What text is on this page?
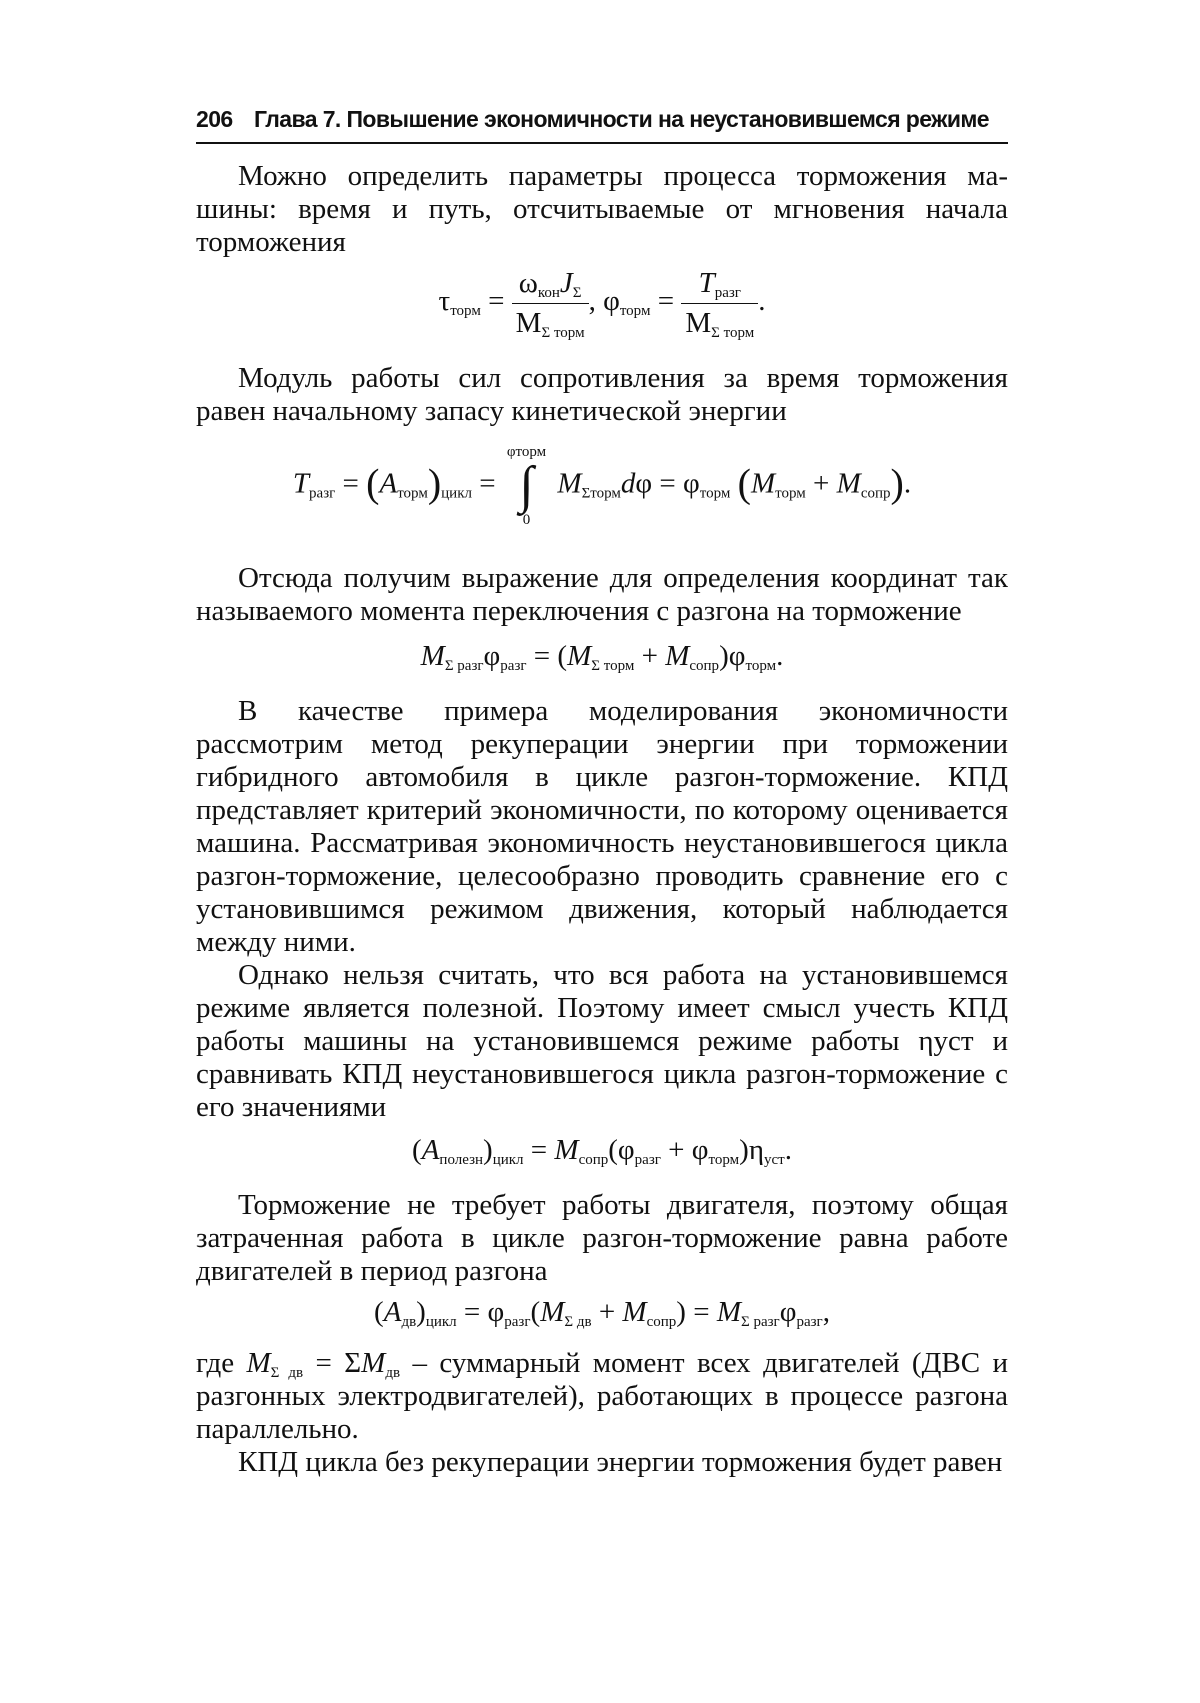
206 Глава 7. Повышение экономичности на неустановившемся режиме

Можно определить параметры процесса торможения машины: время и путь, отсчитываемые от мгновения начала торможения

$\tau_{торм} = \frac{\omega_{кон}J_\Sigma}{M_{\Sigma торм}}$ , $\varphi_{торм} = \frac{T_{разг}}{M_{\Sigma торм}}$ .

Модуль работы сил сопротивления за время торможения равен начальному запасу кинетической энергии

$T_{разг} = (A_{торм})_{цикл}$ =
φторм
∫
0
$M_{\Sigma торм}d\varphi = \varphi_{торм}$ $(M_{торм} + M_{сопр})$.

Отсюда получим выражение для определения координат так называемого момента переключения с разгона на торможение

$M_{\Sigma разг}\varphi_{разг} = (M_{\Sigma торм} + M_{сопр})\varphi_{торм}$.

В качестве примера моделирования экономичности рассмотрим метод рекуперации энергии при торможении гибридного автомобиля в цикле разгон-торможение. КПД представляет критерий экономичности, по которому оценивается машина. Рассматривая экономичность неустановившегося цикла разгон-торможение, целесообразно проводить сравнение его с установившимся режимом движения, который наблюдается между ними.

Однако нельзя считать, что вся работа на установившемся режиме является полезной. Поэтому имеет смысл учесть КПД работы машины на установившемся режиме работы ηуст и сравнивать КПД неустановившегося цикла разгон-торможение с его значениями

$(A_{полезн})_{цикл} = M_{сопр}(\varphi_{разг} + \varphi_{торм})\eta_{уст}$.

Торможение не требует работы двигателя, поэтому общая затраченная работа в цикле разгон-торможение равна работе двигателей в период разгона

$(A_{дв})_{цикл} = \varphi_{разг}(M_{\Sigma дв} + M_{сопр}) = M_{\Sigma разг}\varphi_{разг}$,

где $M_{\Sigma дв} = \Sigma M_{дв}$ – суммарный момент всех двигателей (ДВС и разгонных электродвигателей), работающих в процессе разгона параллельно.

КПД цикла без рекуперации энергии торможения будет равен
